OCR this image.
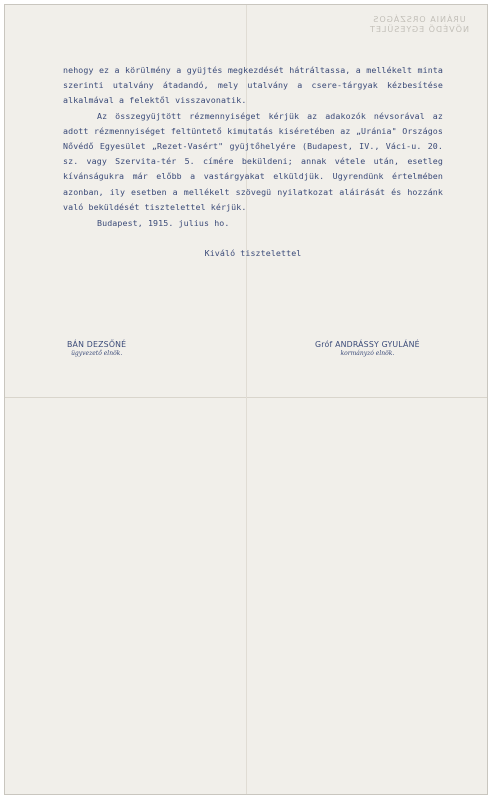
URÁNIA ORSZÁGOS
NŐVÉDŐ EGYESÜLET

nehogy ez a körülmény a gyüjtés megkezdését hátráltassa, a mellékelt minta szerinti utalvány átadandó, mely utalvány a csere-tárgyak kézbesítése alkalmával a felektől visszavonatik.

Az összegyüjtött rézmennyiséget kérjük az adakozók névsorával az adott rézmennyiséget feltüntető kimutatás kiséretében az „Uránia" Országos Nővédő Egyesület „Rezet-Vasért" gyüjtőhelyére (Budapest, IV., Váci-u. 20. sz. vagy Szervita-tér 5. címére beküldeni; annak vétele után, esetleg kívánságukra már előbb a vastárgyakat elküldjük. Ugyrendünk értelmében azonban, ily esetben a mellékelt szövegü nyilatkozat aláirását és hozzánk való beküldését tisztelettel kérjük.

Budapest, 1915. julius ho.

Kiváló tisztelettel

BÁN DEZSŐNÉ
ügyvezető elnök.
Gróf ANDRÁSSY GYULÁNÉ
kormányzó elnök.
